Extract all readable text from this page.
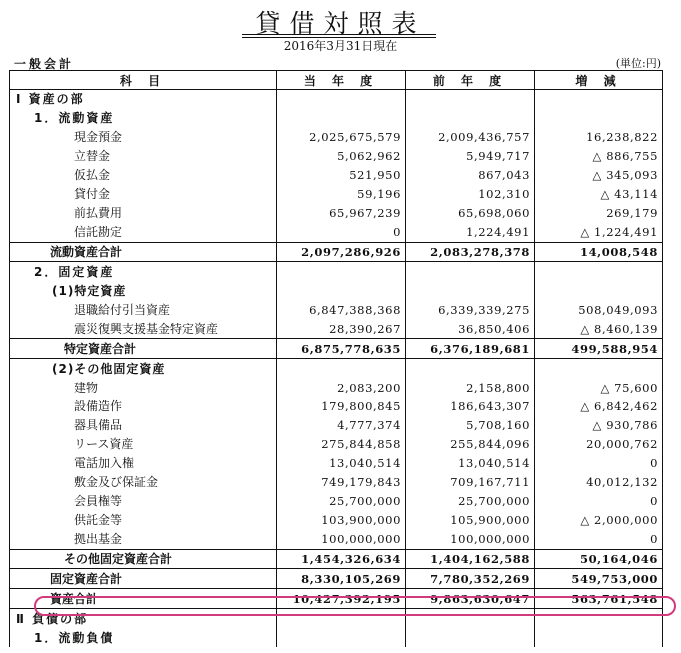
貸借対照表
2016年3月31日現在
一般会計	(単位:円)
科 目	当 年 度	前 年 度	増 減
Ⅰ 資産の部			
1．流動資産			
現金預金	2,025,675,579	2,009,436,757	16,238,822
立替金	5,062,962	5,949,717	△ 886,755
仮払金	521,950	867,043	△ 345,093
貸付金	59,196	102,310	△ 43,114
前払費用	65,967,239	65,698,060	269,179
信託勘定	0	1,224,491	△ 1,224,491
流動資産合計	2,097,286,926	2,083,278,378	14,008,548
2．固定資産			
(1)特定資産			
退職給付引当資産	6,847,388,368	6,339,339,275	508,049,093
震災復興支援基金特定資産	28,390,267	36,850,406	△ 8,460,139
特定資産合計	6,875,778,635	6,376,189,681	499,588,954
(2)その他固定資産			
建物	2,083,200	2,158,800	△ 75,600
設備造作	179,800,845	186,643,307	△ 6,842,462
器具備品	4,777,374	5,708,160	△ 930,786
リース資産	275,844,858	255,844,096	20,000,762
電話加入権	13,040,514	13,040,514	0
敷金及び保証金	749,179,843	709,167,711	40,012,132
会員権等	25,700,000	25,700,000	0
供託金等	103,900,000	105,900,000	△ 2,000,000
拠出基金	100,000,000	100,000,000	0
その他固定資産合計	1,454,326,634	1,404,162,588	50,164,046
固定資産合計	8,330,105,269	7,780,352,269	549,753,000
資産合計	10,427,392,195	9,863,630,647	563,761,548
Ⅱ 負債の部			
1．流動負債			
